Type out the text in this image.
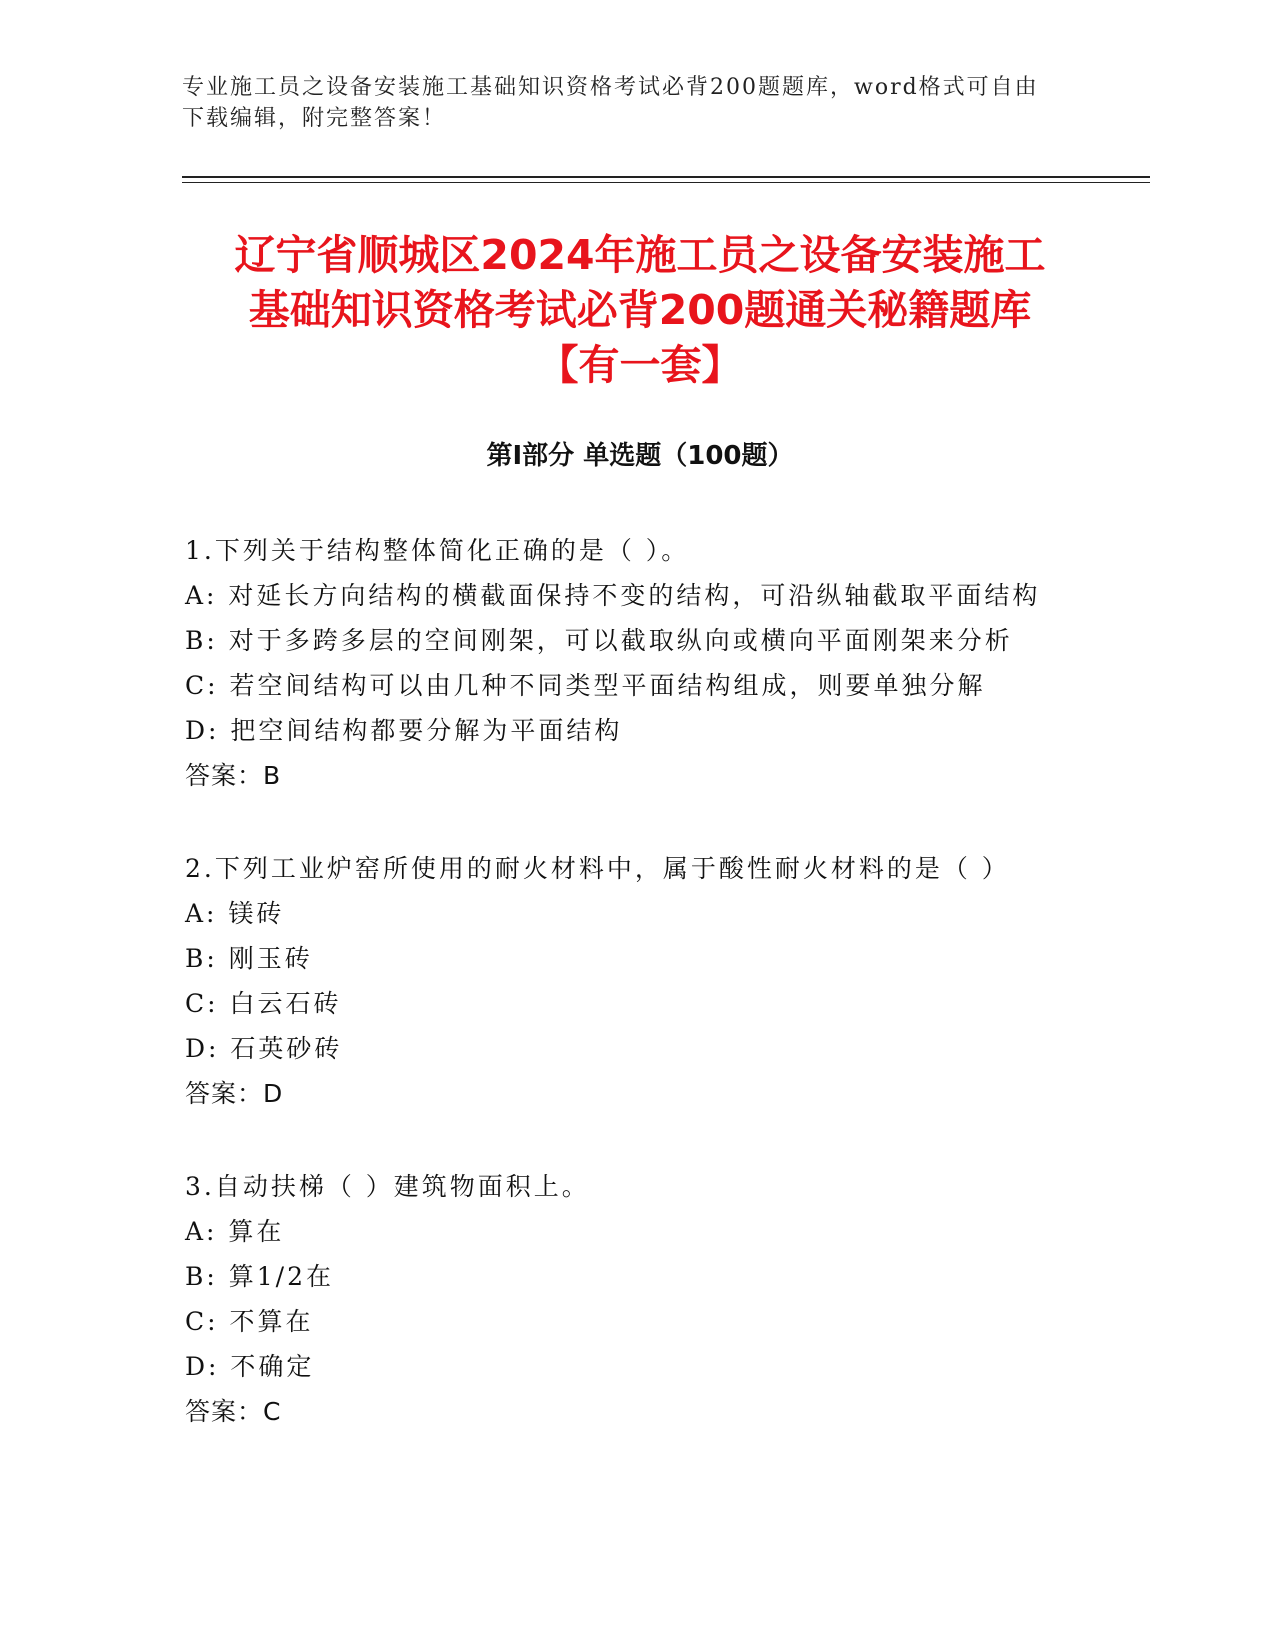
专业施工员之设备安装施工基础知识资格考试必背200题题库，word格式可自由下载编辑，附完整答案！
辽宁省顺城区2024年施工员之设备安装施工
基础知识资格考试必背200题通关秘籍题库
【有一套】
第Ⅰ部分 单选题（100题）
1.下列关于结构整体简化正确的是（ ）。
A: 对延长方向结构的横截面保持不变的结构，可沿纵轴截取平面结构
B: 对于多跨多层的空间刚架，可以截取纵向或横向平面刚架来分析
C: 若空间结构可以由几种不同类型平面结构组成，则要单独分解
D: 把空间结构都要分解为平面结构
答案：B
2.下列工业炉窑所使用的耐火材料中，属于酸性耐火材料的是（ ）
A: 镁砖
B: 刚玉砖
C: 白云石砖
D: 石英砂砖
答案：D
3.自动扶梯（ ）建筑物面积上。
A: 算在
B: 算1/2在
C: 不算在
D: 不确定
答案：C
